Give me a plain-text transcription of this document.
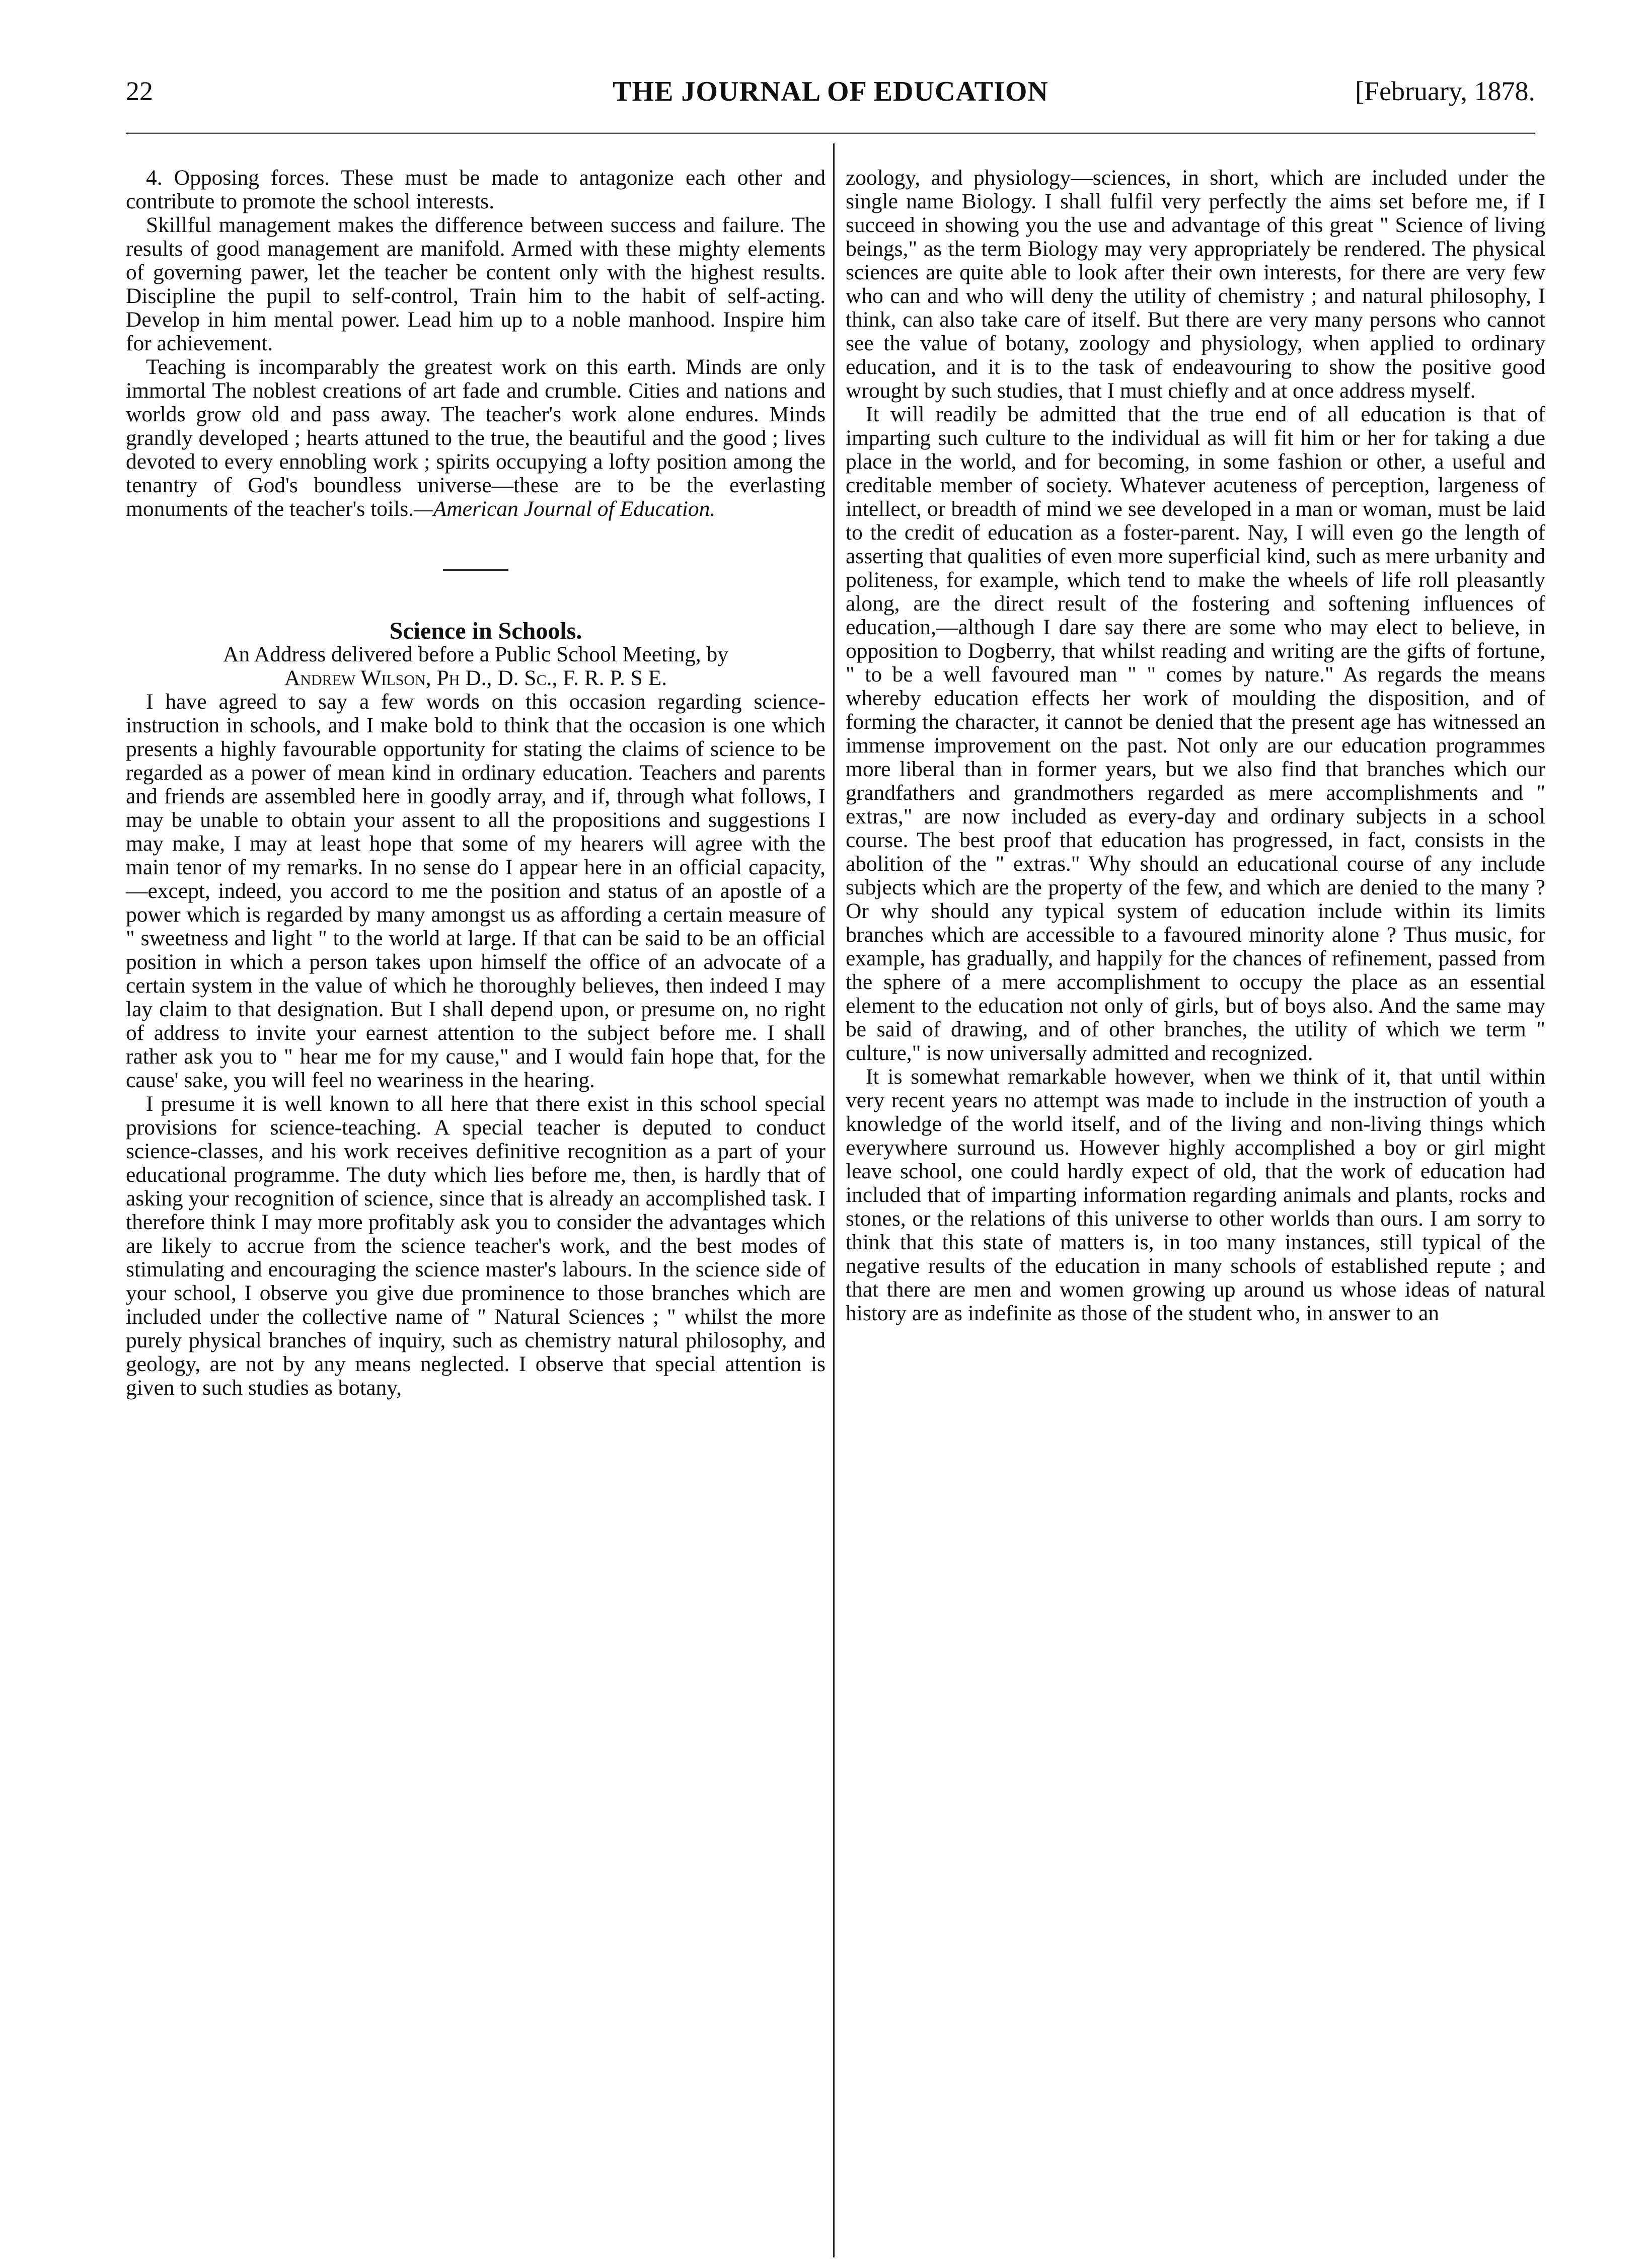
22	THE JOURNAL OF EDUCATION	[February, 1878.

4. Opposing forces. These must be made to antagonize each other and contribute to promote the school interests.

Skillful management makes the difference between success and failure. The results of good management are manifold. Armed with these mighty elements of governing pawer, let the teacher be content only with the highest results. Discipline the pupil to self-control, Train him to the habit of self-acting. Develop in him mental power. Lead him up to a noble manhood. Inspire him for achievement.

Teaching is incomparably the greatest work on this earth. Minds are only immortal The noblest creations of art fade and crumble. Cities and nations and worlds grow old and pass away. The teacher's work alone endures. Minds grandly developed ; hearts attuned to the true, the beautiful and the good ; lives devoted to every ennobling work ; spirits occupying a lofty position among the tenantry of God's boundless universe—these are to be the everlasting monuments of the teacher's toils.—American Journal of Education.

Science in Schools.

An Address delivered before a Public School Meeting, by
Andrew Wilson, Ph D., D. Sc., F. R. P. S E.

I have agreed to say a few words on this occasion regarding science-instruction in schools, and I make bold to think that the occasion is one which presents a highly favourable opportunity for stating the claims of science to be regarded as a power of mean kind in ordinary education. Teachers and parents and friends are assembled here in goodly array, and if, through what follows, I may be unable to obtain your assent to all the propositions and suggestions I may make, I may at least hope that some of my hearers will agree with the main tenor of my remarks. In no sense do I appear here in an official capacity,—except, indeed, you accord to me the position and status of an apostle of a power which is regarded by many amongst us as affording a certain measure of " sweetness and light " to the world at large. If that can be said to be an official position in which a person takes upon himself the office of an advocate of a certain system in the value of which he thoroughly believes, then indeed I may lay claim to that designation. But I shall depend upon, or presume on, no right of address to invite your earnest attention to the subject before me. I shall rather ask you to " hear me for my cause," and I would fain hope that, for the cause' sake, you will feel no weariness in the hearing.

I presume it is well known to all here that there exist in this school special provisions for science-teaching. A special teacher is deputed to conduct science-classes, and his work receives definitive recognition as a part of your educational programme. The duty which lies before me, then, is hardly that of asking your recognition of science, since that is already an accomplished task. I therefore think I may more profitably ask you to consider the advantages which are likely to accrue from the science teacher's work, and the best modes of stimulating and encouraging the science master's labours. In the science side of your school, I observe you give due prominence to those branches which are included under the collective name of " Natural Sciences ; " whilst the more purely physical branches of inquiry, such as chemistry natural philosophy, and geology, are not by any means neglected. I observe that special attention is given to such studies as botany,

zoology, and physiology—sciences, in short, which are included under the single name Biology. I shall fulfil very perfectly the aims set before me, if I succeed in showing you the use and advantage of this great " Science of living beings," as the term Biology may very appropriately be rendered. The physical sciences are quite able to look after their own interests, for there are very few who can and who will deny the utility of chemistry ; and natural philosophy, I think, can also take care of itself. But there are very many persons who cannot see the value of botany, zoology and physiology, when applied to ordinary education, and it is to the task of endeavouring to show the positive good wrought by such studies, that I must chiefly and at once address myself.

It will readily be admitted that the true end of all education is that of imparting such culture to the individual as will fit him or her for taking a due place in the world, and for becoming, in some fashion or other, a useful and creditable member of society. Whatever acuteness of perception, largeness of intellect, or breadth of mind we see developed in a man or woman, must be laid to the credit of education as a foster-parent. Nay, I will even go the length of asserting that qualities of even more superficial kind, such as mere urbanity and politeness, for example, which tend to make the wheels of life roll pleasantly along, are the direct result of the fostering and softening influences of education,—although I dare say there are some who may elect to believe, in opposition to Dogberry, that whilst reading and writing are the gifts of fortune, " to be a well favoured man " " comes by nature." As regards the means whereby education effects her work of moulding the disposition, and of forming the character, it cannot be denied that the present age has witnessed an immense improvement on the past. Not only are our education programmes more liberal than in former years, but we also find that branches which our grandfathers and grandmothers regarded as mere accomplishments and " extras," are now included as every-day and ordinary subjects in a school course. The best proof that education has progressed, in fact, consists in the abolition of the " extras." Why should an educational course of any include subjects which are the property of the few, and which are denied to the many ? Or why should any typical system of education include within its limits branches which are accessible to a favoured minority alone ? Thus music, for example, has gradually, and happily for the chances of refinement, passed from the sphere of a mere accomplishment to occupy the place as an essential element to the education not only of girls, but of boys also. And the same may be said of drawing, and of other branches, the utility of which we term " culture," is now universally admitted and recognized.

It is somewhat remarkable however, when we think of it, that until within very recent years no attempt was made to include in the instruction of youth a knowledge of the world itself, and of the living and non-living things which everywhere surround us. However highly accomplished a boy or girl might leave school, one could hardly expect of old, that the work of education had included that of imparting information regarding animals and plants, rocks and stones, or the relations of this universe to other worlds than ours. I am sorry to think that this state of matters is, in too many instances, still typical of the negative results of the education in many schools of established repute ; and that there are men and women growing up around us whose ideas of natural history are as indefinite as those of the student who, in answer to an
